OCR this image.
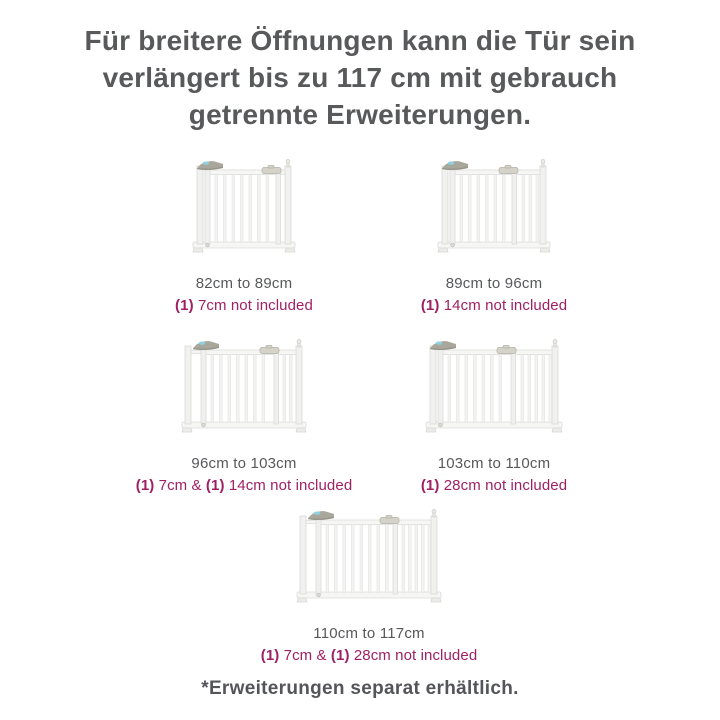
Für breitere Öffnungen kann die Tür sein
verlängert bis zu 117 cm mit gebrauch
getrennte Erweiterungen.
82cm to 89cm
(1) 7cm not included
89cm to 96cm
(1) 14cm not included
96cm to 103cm
(1) 7cm & (1) 14cm not included
103cm to 110cm
(1) 28cm not included
110cm to 117cm
(1) 7cm & (1) 28cm not included
*Erweiterungen separat erhältlich.
